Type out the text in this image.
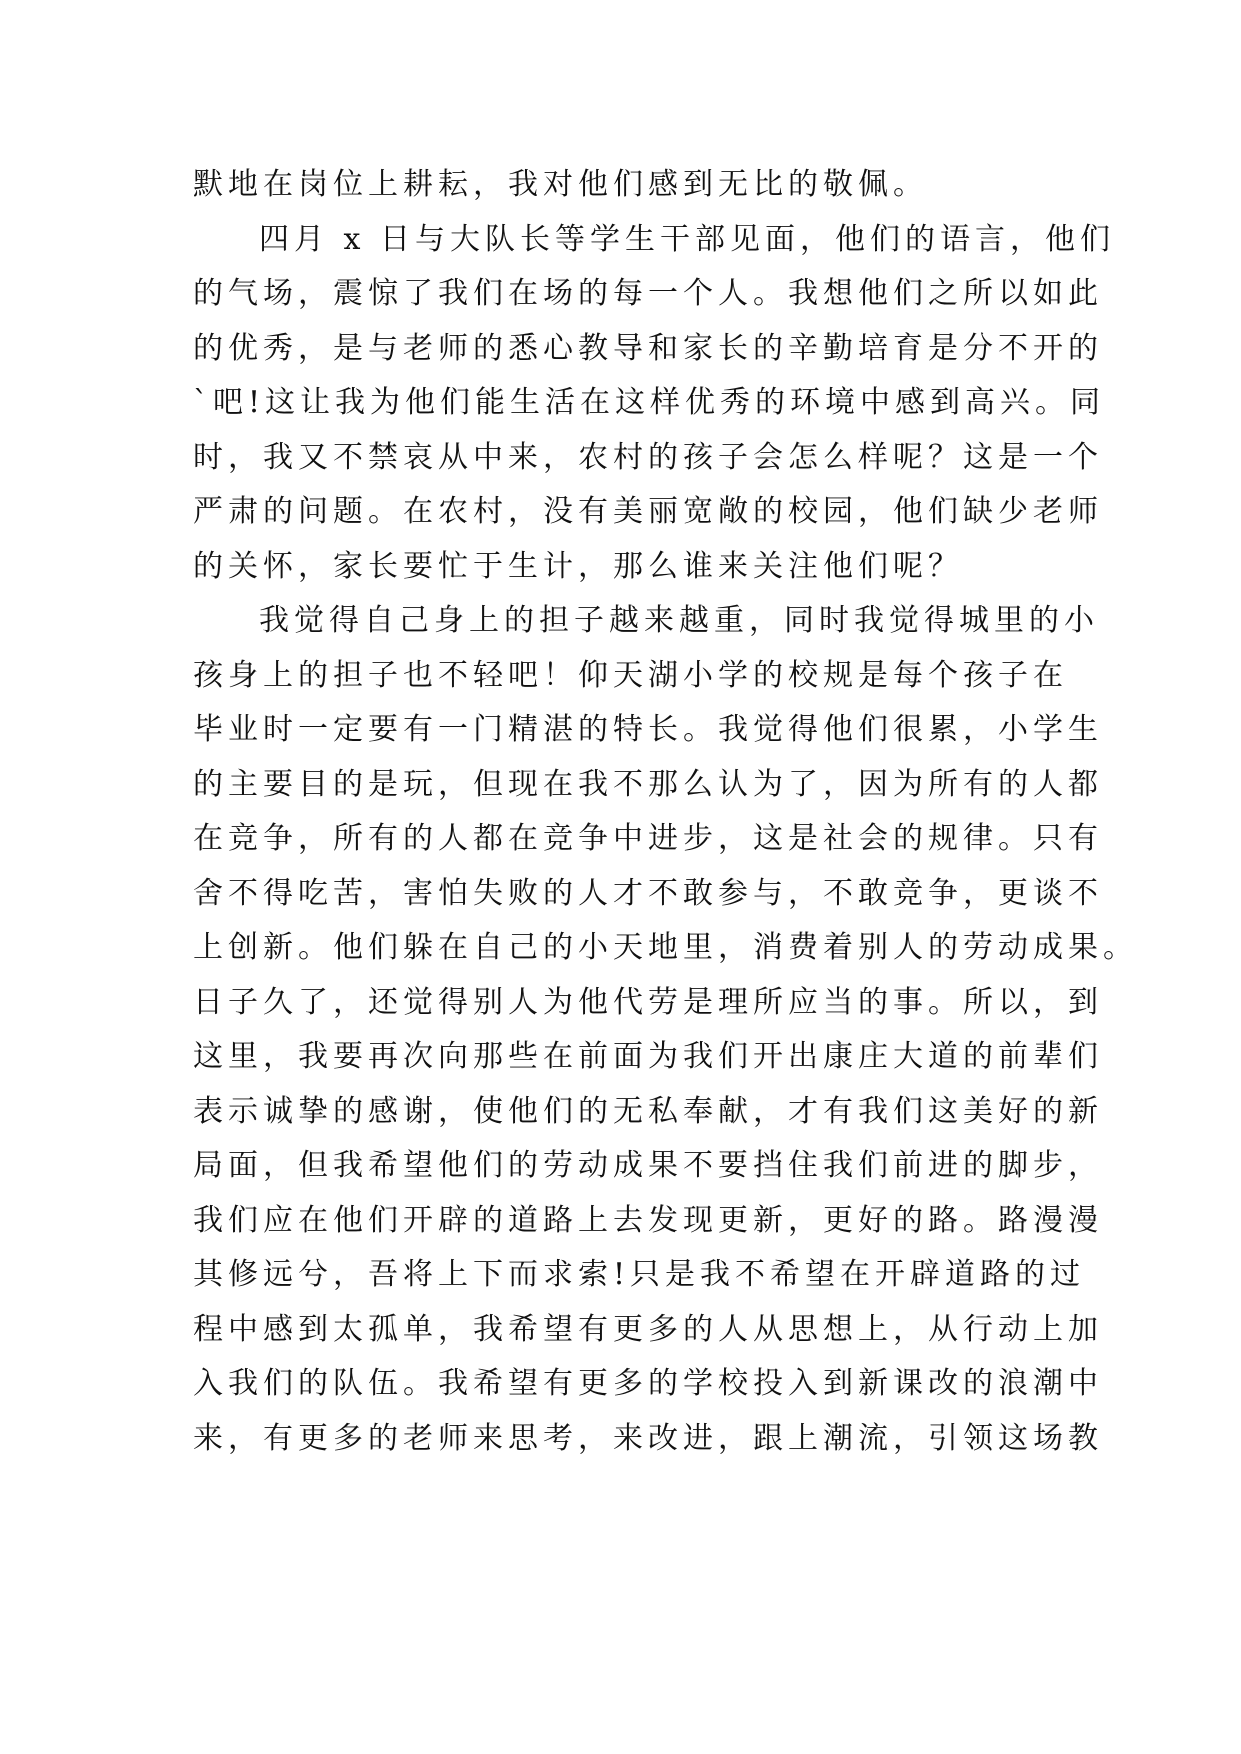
默地在岗位上耕耘，我对他们感到无比的敬佩。
四月 x 日与大队长等学生干部见面，他们的语言，他们
的气场，震惊了我们在场的每一个人。我想他们之所以如此
的优秀，是与老师的悉心教导和家长的辛勤培育是分不开的
`吧!这让我为他们能生活在这样优秀的环境中感到高兴。同
时，我又不禁哀从中来，农村的孩子会怎么样呢？这是一个
严肃的问题。在农村，没有美丽宽敞的校园，他们缺少老师
的关怀，家长要忙于生计，那么谁来关注他们呢？
我觉得自己身上的担子越来越重，同时我觉得城里的小
孩身上的担子也不轻吧！仰天湖小学的校规是每个孩子在
毕业时一定要有一门精湛的特长。我觉得他们很累，小学生
的主要目的是玩，但现在我不那么认为了，因为所有的人都
在竞争，所有的人都在竞争中进步，这是社会的规律。只有
舍不得吃苦，害怕失败的人才不敢参与，不敢竞争，更谈不
上创新。他们躲在自己的小天地里，消费着别人的劳动成果。
日子久了，还觉得别人为他代劳是理所应当的事。所以，到
这里，我要再次向那些在前面为我们开出康庄大道的前辈们
表示诚挚的感谢，使他们的无私奉献，才有我们这美好的新
局面，但我希望他们的劳动成果不要挡住我们前进的脚步，
我们应在他们开辟的道路上去发现更新，更好的路。路漫漫
其修远兮，吾将上下而求索!只是我不希望在开辟道路的过
程中感到太孤单，我希望有更多的人从思想上，从行动上加
入我们的队伍。我希望有更多的学校投入到新课改的浪潮中
来，有更多的老师来思考，来改进，跟上潮流，引领这场教
